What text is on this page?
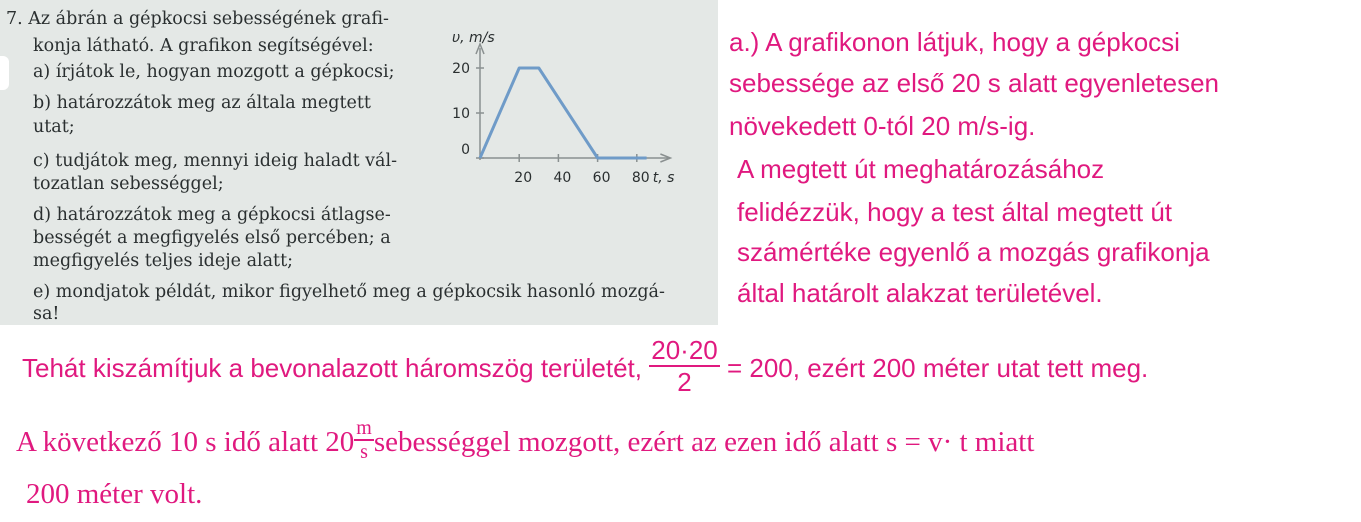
7. Az ábrán a gépkocsi sebességének grafi-
konja látható. A grafikon segítségével:
a) írjátok le, hogyan mozgott a gépkocsi;
b) határozzátok meg az általa megtett
utat;
c) tudjátok meg, mennyi ideig haladt vál-
tozatlan sebességgel;
d) határozzátok meg a gépkocsi átlagse-
bességét a megfigyelés első percében; a
megfigyelés teljes ideje alatt;
e) mondjatok példát, mikor figyelhető meg a gépkocsik hasonló mozgá-
sa!
0
10
20
20 40 60 80
υ, m/s
t, s
a.) A grafikonon látjuk, hogy a gépkocsi
sebessége az első 20 s alatt egyenletesen
növekedett 0-tól 20 m/s-ig.
A megtett út meghatározásához
felidézzük, hogy a test által megtett út
számértéke egyenlő a mozgás grafikonja
által határolt alakzat területével.
Tehát kiszámítjuk a bevonalazott háromszög területét, $\frac{20\cdot 20}{2} = 200$, ezért 200 méter utat tett meg.
A következő 10 s idő alatt $20 \frac{m}{s}$ sebességgel mozgott, ezért az ezen idő alatt s = v· t miatt
200 méter volt.
